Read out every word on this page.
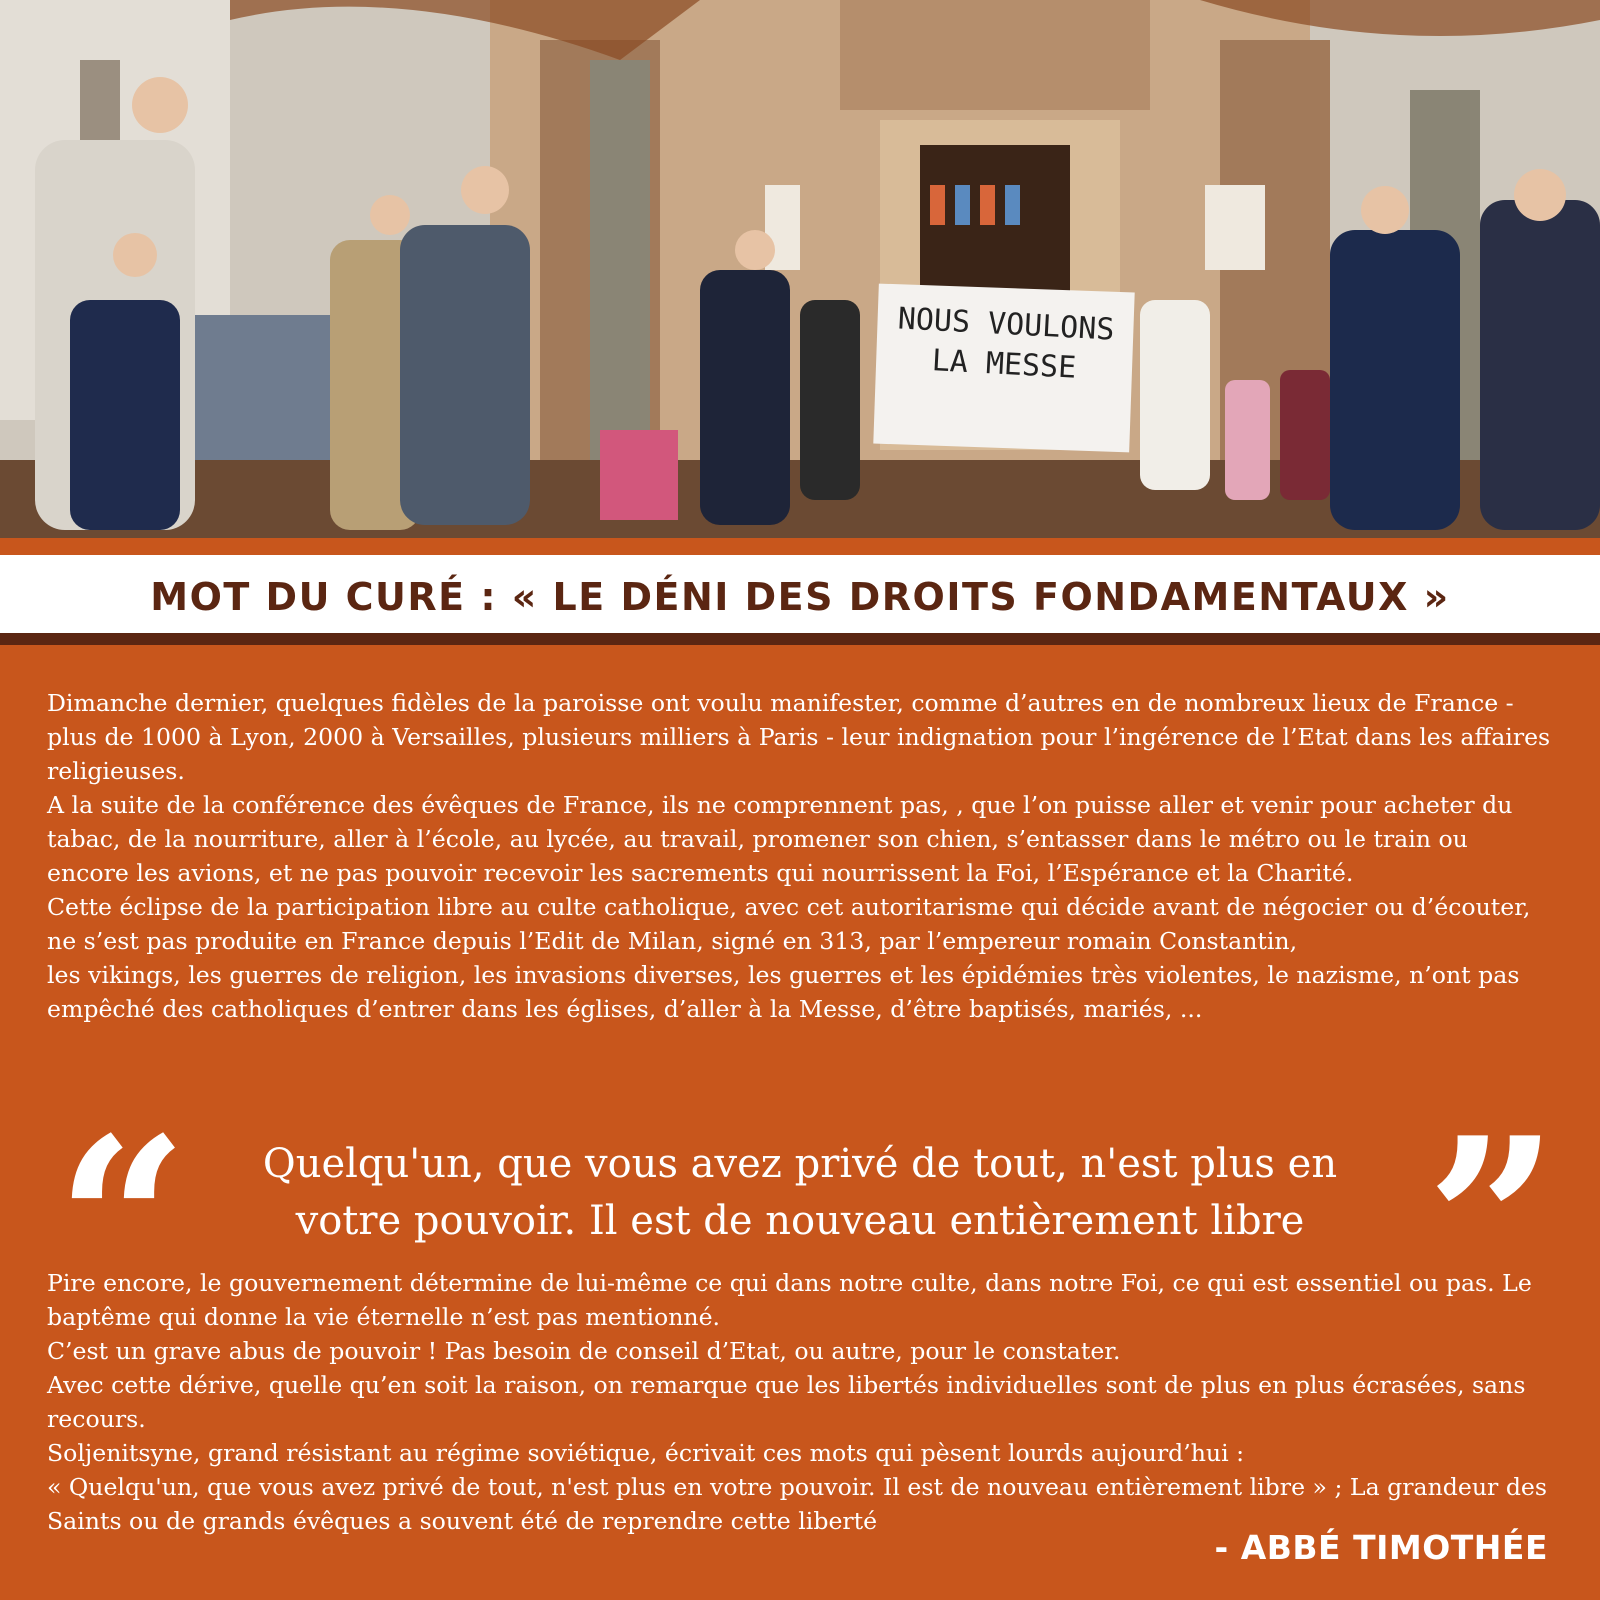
NOUS VOULONS LA MESSE
MOT DU CURÉ : « LE DÉNI DES DROITS FONDAMENTAUX »

Dimanche dernier, quelques fidèles de la paroisse ont voulu manifester, comme d’autres en de nombreux lieux de France - plus de 1000 à Lyon, 2000 à Versailles, plusieurs milliers à Paris - leur indignation pour l’ingérence de l’Etat dans les affaires religieuses.

A la suite de la conférence des évêques de France, ils ne comprennent pas, , que l’on puisse aller et venir pour acheter du tabac, de la nourriture, aller à l’école, au lycée, au travail, promener son chien, s’entasser dans le métro ou le train ou encore les avions, et ne pas pouvoir recevoir les sacrements qui nourrissent la Foi, l’Espérance et la Charité.

Cette éclipse de la participation libre au culte catholique, avec cet autoritarisme qui décide avant de négocier ou d’écouter, ne s’est pas produite en France depuis l’Edit de Milan, signé en 313, par l’empereur romain Constantin,

les vikings, les guerres de religion, les invasions diverses, les guerres et les épidémies très violentes, le nazisme, n’ont pas empêché des catholiques d’entrer dans les églises, d’aller à la Messe, d’être baptisés, mariés, ...

“	Quelqu'un, que vous avez privé de tout, n'est plus en
votre pouvoir. Il est de nouveau entièrement libre ”

Pire encore, le gouvernement détermine de lui-même ce qui dans notre culte, dans notre Foi, ce qui est essentiel ou pas. Le baptême qui donne la vie éternelle n’est pas mentionné.

C’est un grave abus de pouvoir ! Pas besoin de conseil d’Etat, ou autre, pour le constater.

Avec cette dérive, quelle qu’en soit la raison, on remarque que les libertés individuelles sont de plus en plus écrasées, sans recours.

Soljenitsyne, grand résistant au régime soviétique, écrivait ces mots qui pèsent lourds aujourd’hui :

« Quelqu'un, que vous avez privé de tout, n'est plus en votre pouvoir. Il est de nouveau entièrement libre » ; La grandeur des Saints ou de grands évêques a souvent été de reprendre cette liberté

- ABBÉ TIMOTHÉE
